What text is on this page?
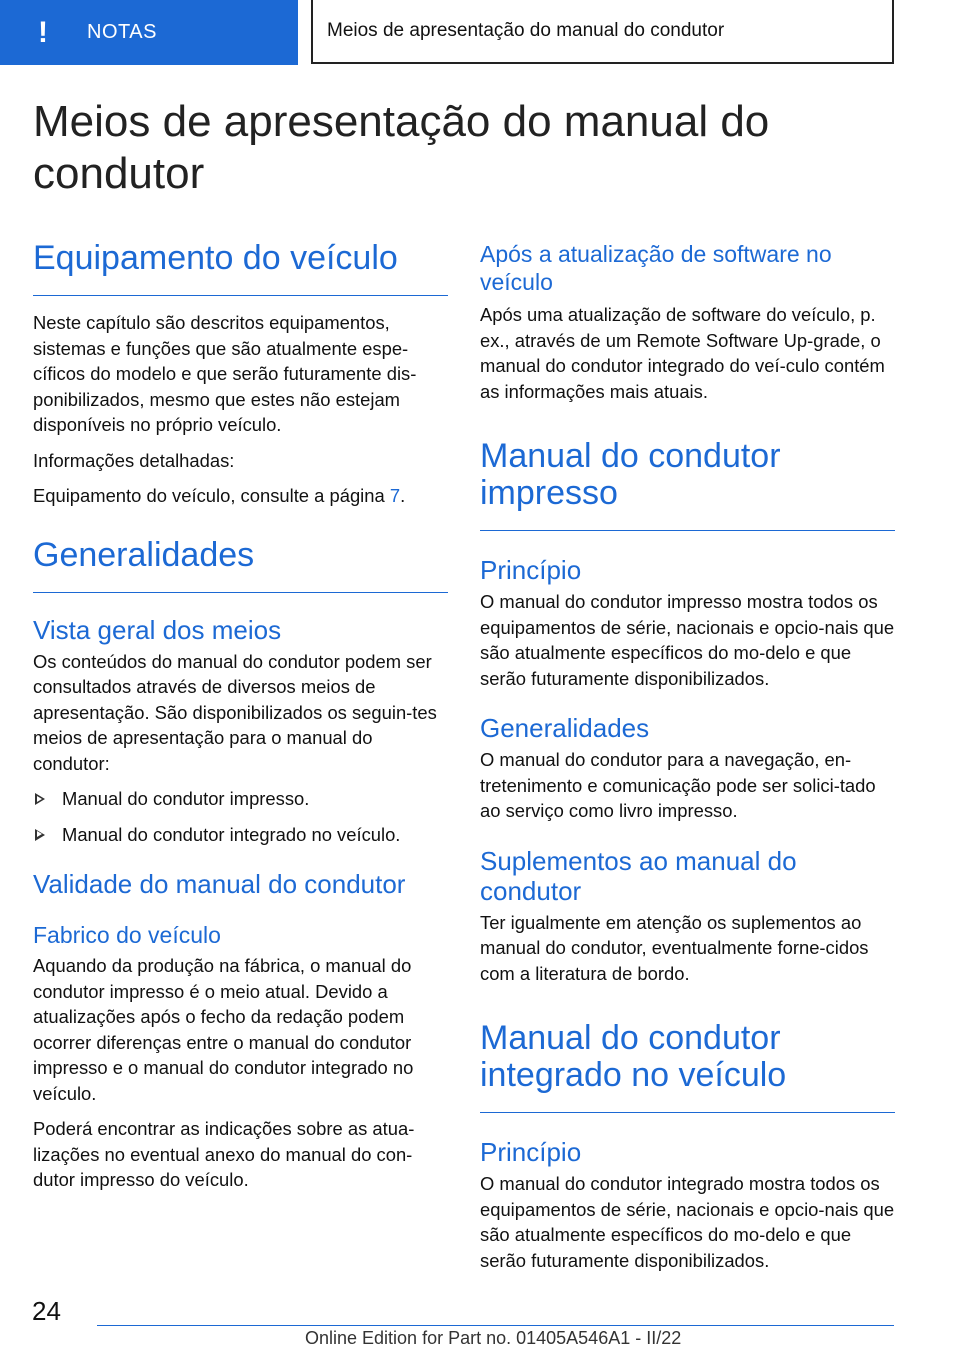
!	NOTAS	Meios de apresentação do manual do condutor
Meios de apresentação do manual do condutor
Equipamento do veículo

Neste capítulo são descritos equipamentos, sistemas e funções que são atualmente espe-cíficos do modelo e que serão futuramente dis-ponibilizados, mesmo que estes não estejam disponíveis no próprio veículo.

Informações detalhadas:

Equipamento do veículo, consulte a página 7.

Generalidades
Vista geral dos meios

Os conteúdos do manual do condutor podem ser consultados através de diversos meios de apresentação. São disponibilizados os seguin-tes meios de apresentação para o manual do condutor:

Manual do condutor impresso.
Manual do condutor integrado no veículo.
Validade do manual do condutor
Fabrico do veículo

Aquando da produção na fábrica, o manual do condutor impresso é o meio atual. Devido a atualizações após o fecho da redação podem ocorrer diferenças entre o manual do condutor impresso e o manual do condutor integrado no veículo.

Poderá encontrar as indicações sobre as atua-lizações no eventual anexo do manual do con-dutor impresso do veículo.

Após a atualização de software no veículo

Após uma atualização de software do veículo, p. ex., através de um Remote Software Up-grade, o manual do condutor integrado do veí-culo contém as informações mais atuais.

Manual do condutor impresso
Princípio

O manual do condutor impresso mostra todos os equipamentos de série, nacionais e opcio-nais que são atualmente específicos do mo-delo e que serão futuramente disponibilizados.

Generalidades

O manual do condutor para a navegação, en-tretenimento e comunicação pode ser solici-tado ao serviço como livro impresso.

Suplementos ao manual do condutor

Ter igualmente em atenção os suplementos ao manual do condutor, eventualmente forne-cidos com a literatura de bordo.

Manual do condutor integrado no veículo
Princípio

O manual do condutor integrado mostra todos os equipamentos de série, nacionais e opcio-nais que são atualmente específicos do mo-delo e que serão futuramente disponibilizados.

24
Online Edition for Part no. 01405A546A1 - II/22
